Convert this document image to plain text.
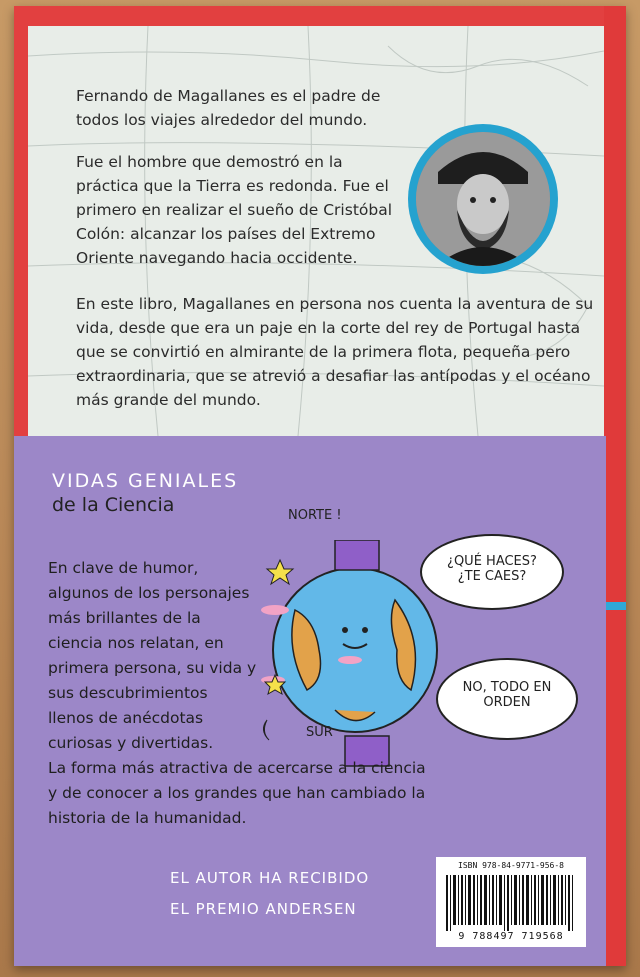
Fernando de Magallanes es el padre de todos los viajes alrededor del mundo.
Fue el hombre que demostró en la práctica que la Tierra es redonda. Fue el primero en realizar el sueño de Cristóbal Colón: alcanzar los países del Extremo Oriente navegando hacia occidente.
En este libro, Magallanes en persona nos cuenta la aventura de su vida, desde que era un paje en la corte del rey de Portugal hasta que se convirtió en almirante de la primera flota, pequeña pero extraordinaria, que se atrevió a desafiar las antípodas y el océano más grande del mundo.
VIDAS GENIALES
de la Ciencia
En clave de humor, algunos de los personajes más brillantes de la ciencia nos relatan, en primera persona, su vida y sus descubrimientos llenos de anécdotas curiosas y divertidas.
NORTE !
SUR
¿QUÉ HACES? ¿TE CAES?
NO, TODO EN ORDEN
La forma más atractiva de acercarse a la ciencia y de conocer a los grandes que han cambiado la historia de la humanidad.
EL AUTOR HA RECIBIDO
EL PREMIO ANDERSEN
ISBN 978-84-9771-956-8
9 788497 719568
